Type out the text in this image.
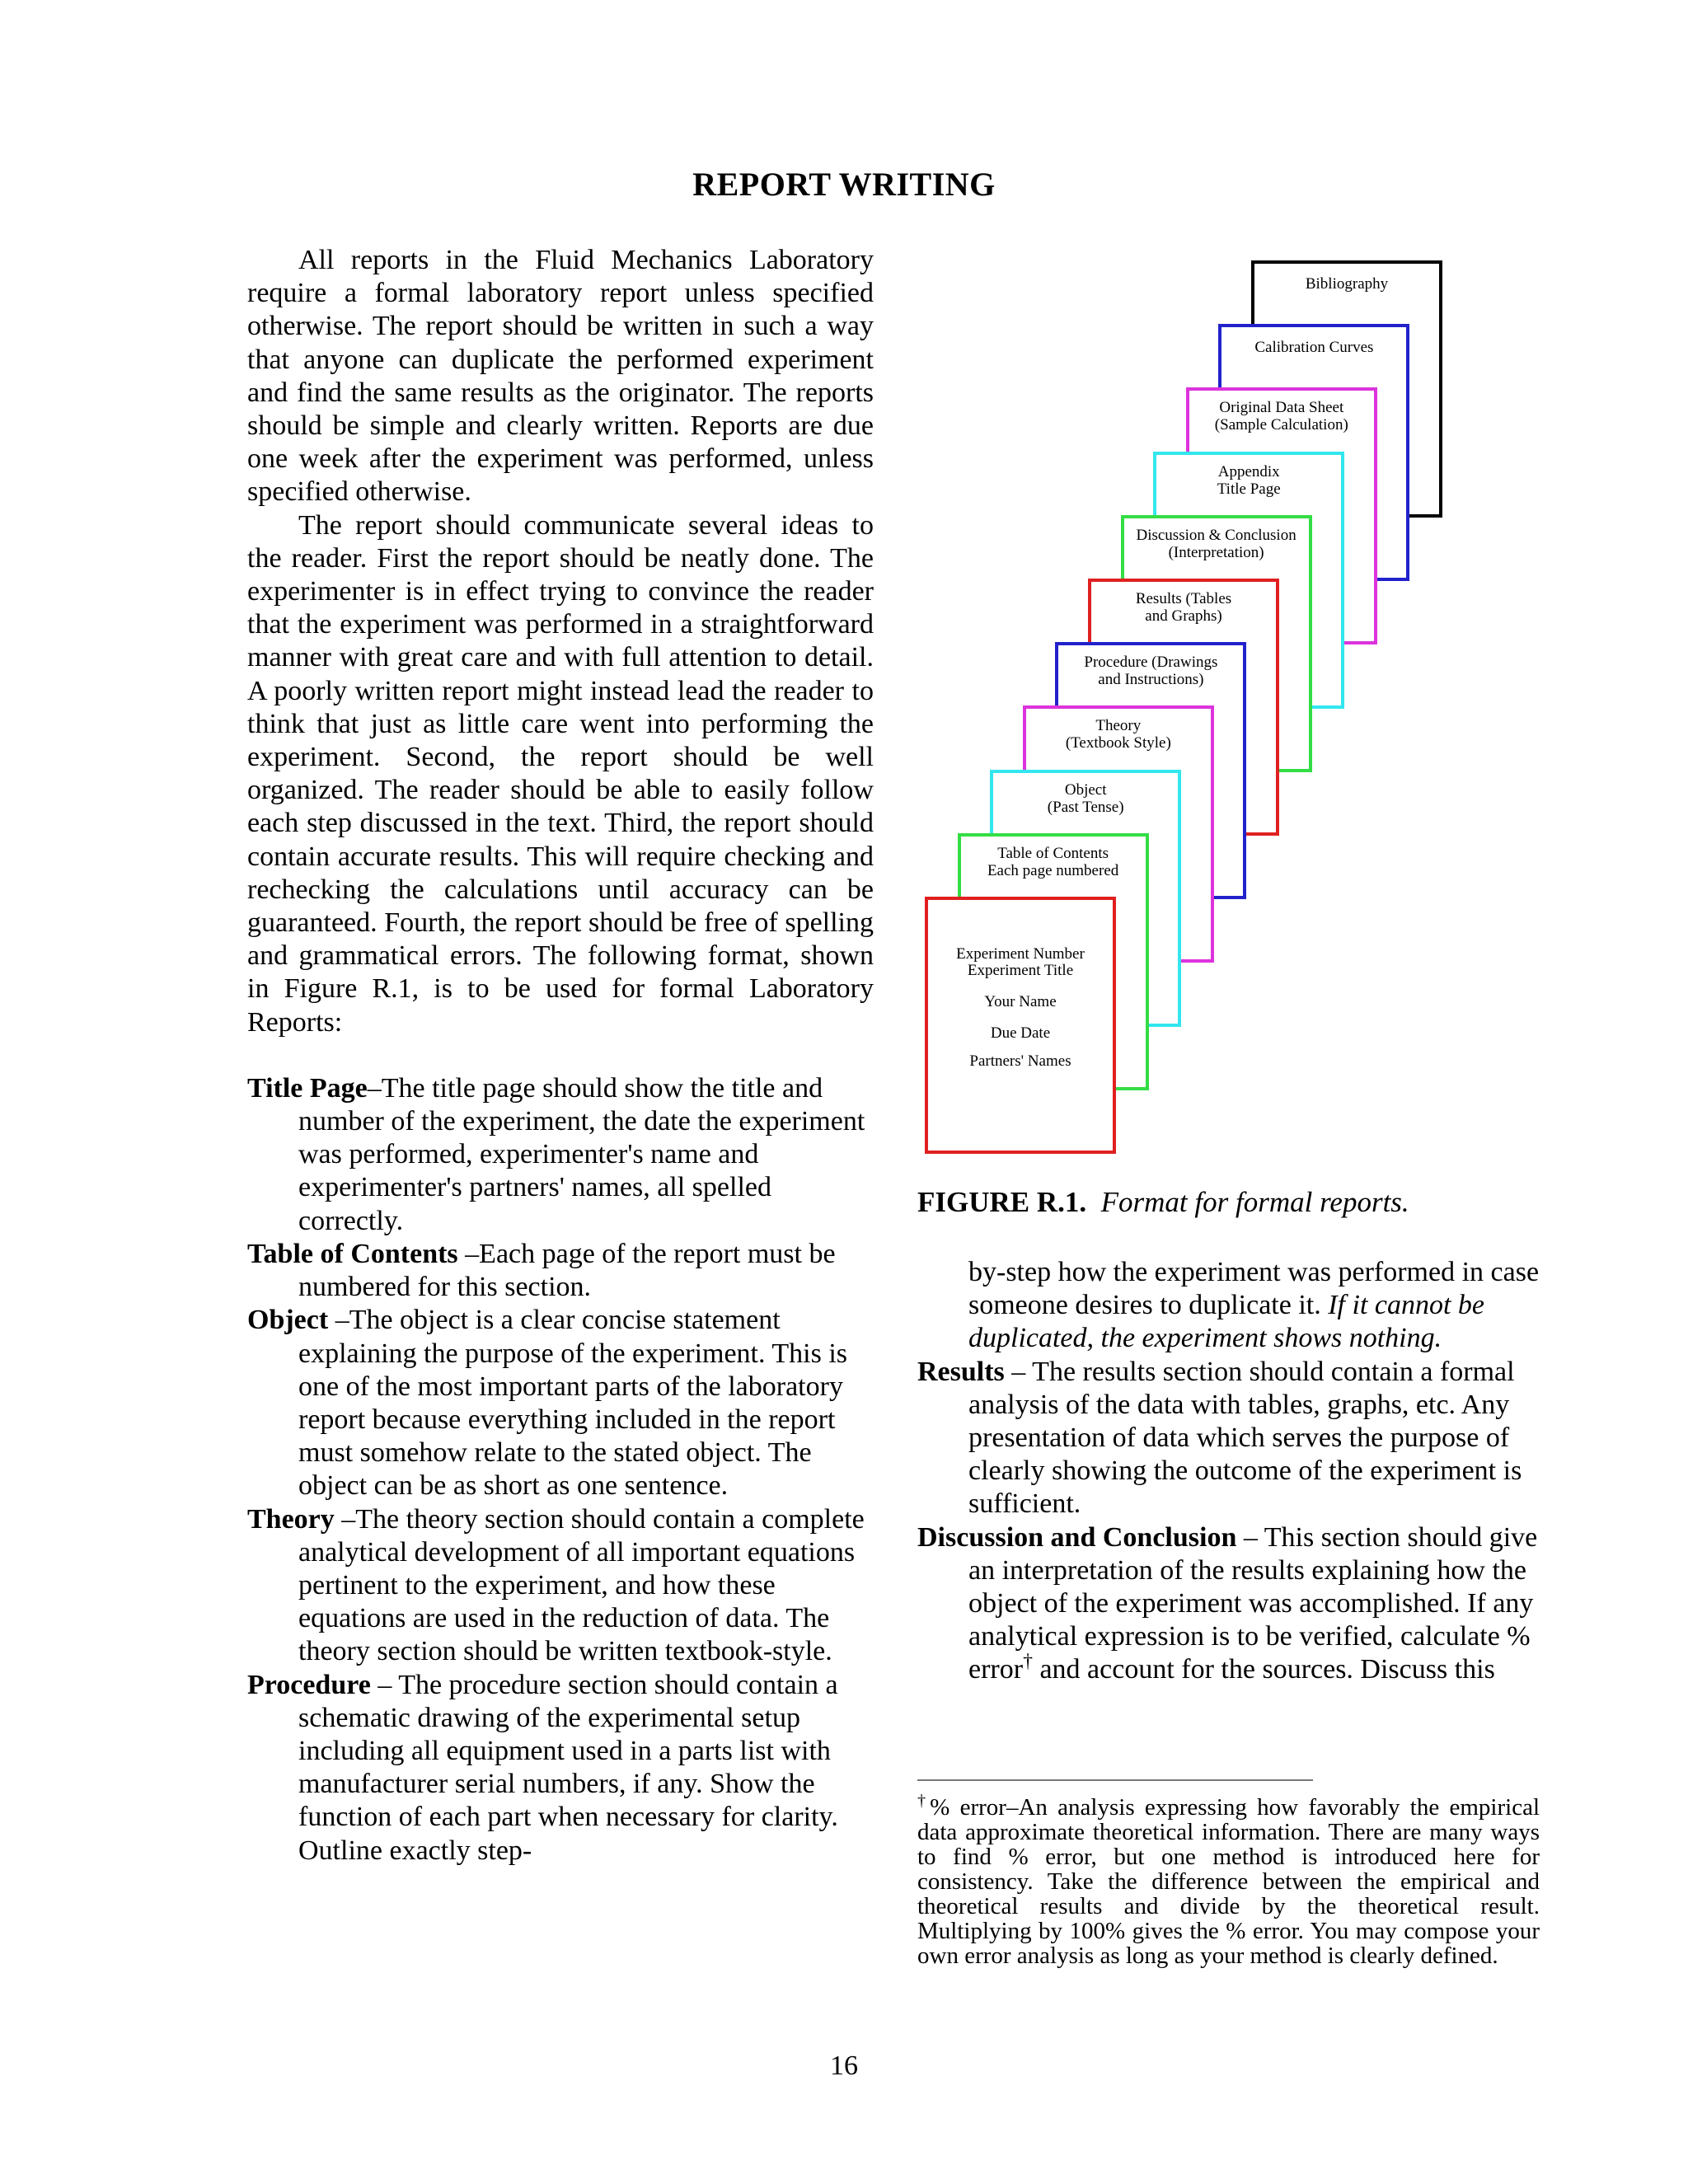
REPORT WRITING

All reports in the Fluid Mechanics Laboratory require a formal laboratory report unless specified otherwise. The report should be written in such a way that anyone can duplicate the performed experiment and find the same results as the originator. The reports should be simple and clearly written. Reports are due one week after the experiment was performed, unless specified otherwise.

The report should communicate several ideas to the reader. First the report should be neatly done. The experimenter is in effect trying to convince the reader that the experiment was performed in a straightforward manner with great care and with full attention to detail. A poorly written report might instead lead the reader to think that just as little care went into performing the experiment. Second, the report should be well organized. The reader should be able to easily follow each step discussed in the text. Third, the report should contain accurate results. This will require checking and rechecking the calculations until accuracy can be guaranteed. Fourth, the report should be free of spelling and grammatical errors. The following format, shown in Figure R.1, is to be used for formal Laboratory Reports:

Title Page–The title page should show the title and number of the experiment, the date the experiment was performed, experimenter's name and experimenter's partners' names, all spelled correctly.

Table of Contents –Each page of the report must be numbered for this section.

Object –The object is a clear concise statement explaining the purpose of the experiment. This is one of the most important parts of the laboratory report because everything included in the report must somehow relate to the stated object. The object can be as short as one sentence.

Theory –The theory section should contain a complete analytical development of all important equations pertinent to the experiment, and how these equations are used in the reduction of data. The theory section should be written textbook-style.

Procedure – The procedure section should contain a schematic drawing of the experimental setup including all equipment used in a parts list with manufacturer serial numbers, if any. Show the function of each part when necessary for clarity. Outline exactly step-

Bibliography
Calibration Curves
Original Data Sheet
(Sample Calculation)
Appendix
Title Page
Discussion & Conclusion
(Interpretation)
Results (Tables
and Graphs)
Procedure (Drawings
and Instructions)
Theory
(Textbook Style)
Object
(Past Tense)
Table of Contents
Each page numbered
Experiment Number
Experiment Title
Your Name
Due Date
Partners' Names
FIGURE R.1. Format for formal reports.

by-step how the experiment was performed in case someone desires to duplicate it. If it cannot be duplicated, the experiment shows nothing.

Results – The results section should contain a formal analysis of the data with tables, graphs, etc. Any presentation of data which serves the purpose of clearly showing the outcome of the experiment is sufficient.

Discussion and Conclusion – This section should give an interpretation of the results explaining how the object of the experiment was accomplished. If any analytical expression is to be verified, calculate % error† and account for the sources. Discuss this

†% error–An analysis expressing how favorably the empirical data approximate theoretical information. There are many ways to find % error, but one method is introduced here for consistency. Take the difference between the empirical and theoretical results and divide by the theoretical result. Multiplying by 100% gives the % error. You may compose your own error analysis as long as your method is clearly defined.
16
